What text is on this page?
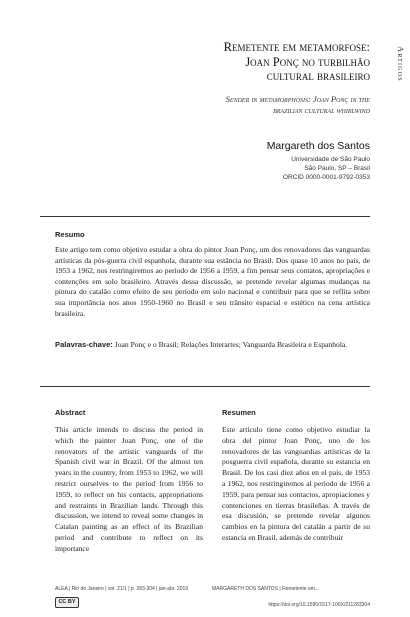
Artigos
Remetente em metamorfose:
Joan Ponç no turbilhão
cultural brasileiro
Sender in metamorphosis: Joan Ponç in the
brazilian cultural whirlwind
Margareth dos Santos
Universidade de São Paulo
São Paulo, SP – Brasil
ORCID 0000-0001-9792-0353
Resumo
Este artigo tem como objetivo estudar a obra do pintor Joan Ponç, um dos renovadores das vanguardas artísticas da pós-guerra civil espanhola, durante sua estância no Brasil. Dos quase 10 anos no país, de 1953 a 1962, nos restringiremos ao período de 1956 a 1959, a fim pensar seus contatos, apropriações e contenções em solo brasileiro. Através dessa discussão, se pretende revelar algumas mudanças na pintura do catalão como efeito de seu período em solo nacional e contribuir para que se reflita sobre sua importância nos anos 1950-1960 no Brasil e seu trânsito espacial e estético na cena artística brasileira.
Palavras-chave: Joan Ponç e o Brasil; Relações Interartes; Vanguarda Brasileira e Espanhola.
Abstract
This article intends to discuss the period in which the painter Joan Ponç, one of the renovators of the artistic vanguards of the Spanish civil war in Brazil. Of the almost ten years in the country, from 1953 to 1962, we will restrict ourselves to the period from 1956 to 1959, to reflect on his contacts, appropriations and restraints in Brazilian lands. Through this discussion, we intend to reveal some changes in Catalan painting as an effect of its Brazilian period and contribute to reflect on its importance
Resumen
Este artículo tiene como objetivo estudiar la obra del pintor Joan Ponç, uno de los renovadores de las vanguardias artísticas de la posguerra civil española, durante su estancia en Brasil. De los casi diez años en el país, de 1953 a 1962, nos restringiremos al periodo de 1956 a 1959, para pensar sus contactos, apropiaciones y contenciones en tierras brasileñas. A través de esa discusión, se pretende revelar algunos cambios en la pintura del catalán a partir de su estancia en Brasil, además de contribuir
ALEA | Rio de Janeiro | vol. 21/1 | p. 283-304 | jan-abr. 2019	MARGARETH DOS SANTOS | Remetente em...
CC BY	https://doi.org/10.1590/1517-106X/211283304
